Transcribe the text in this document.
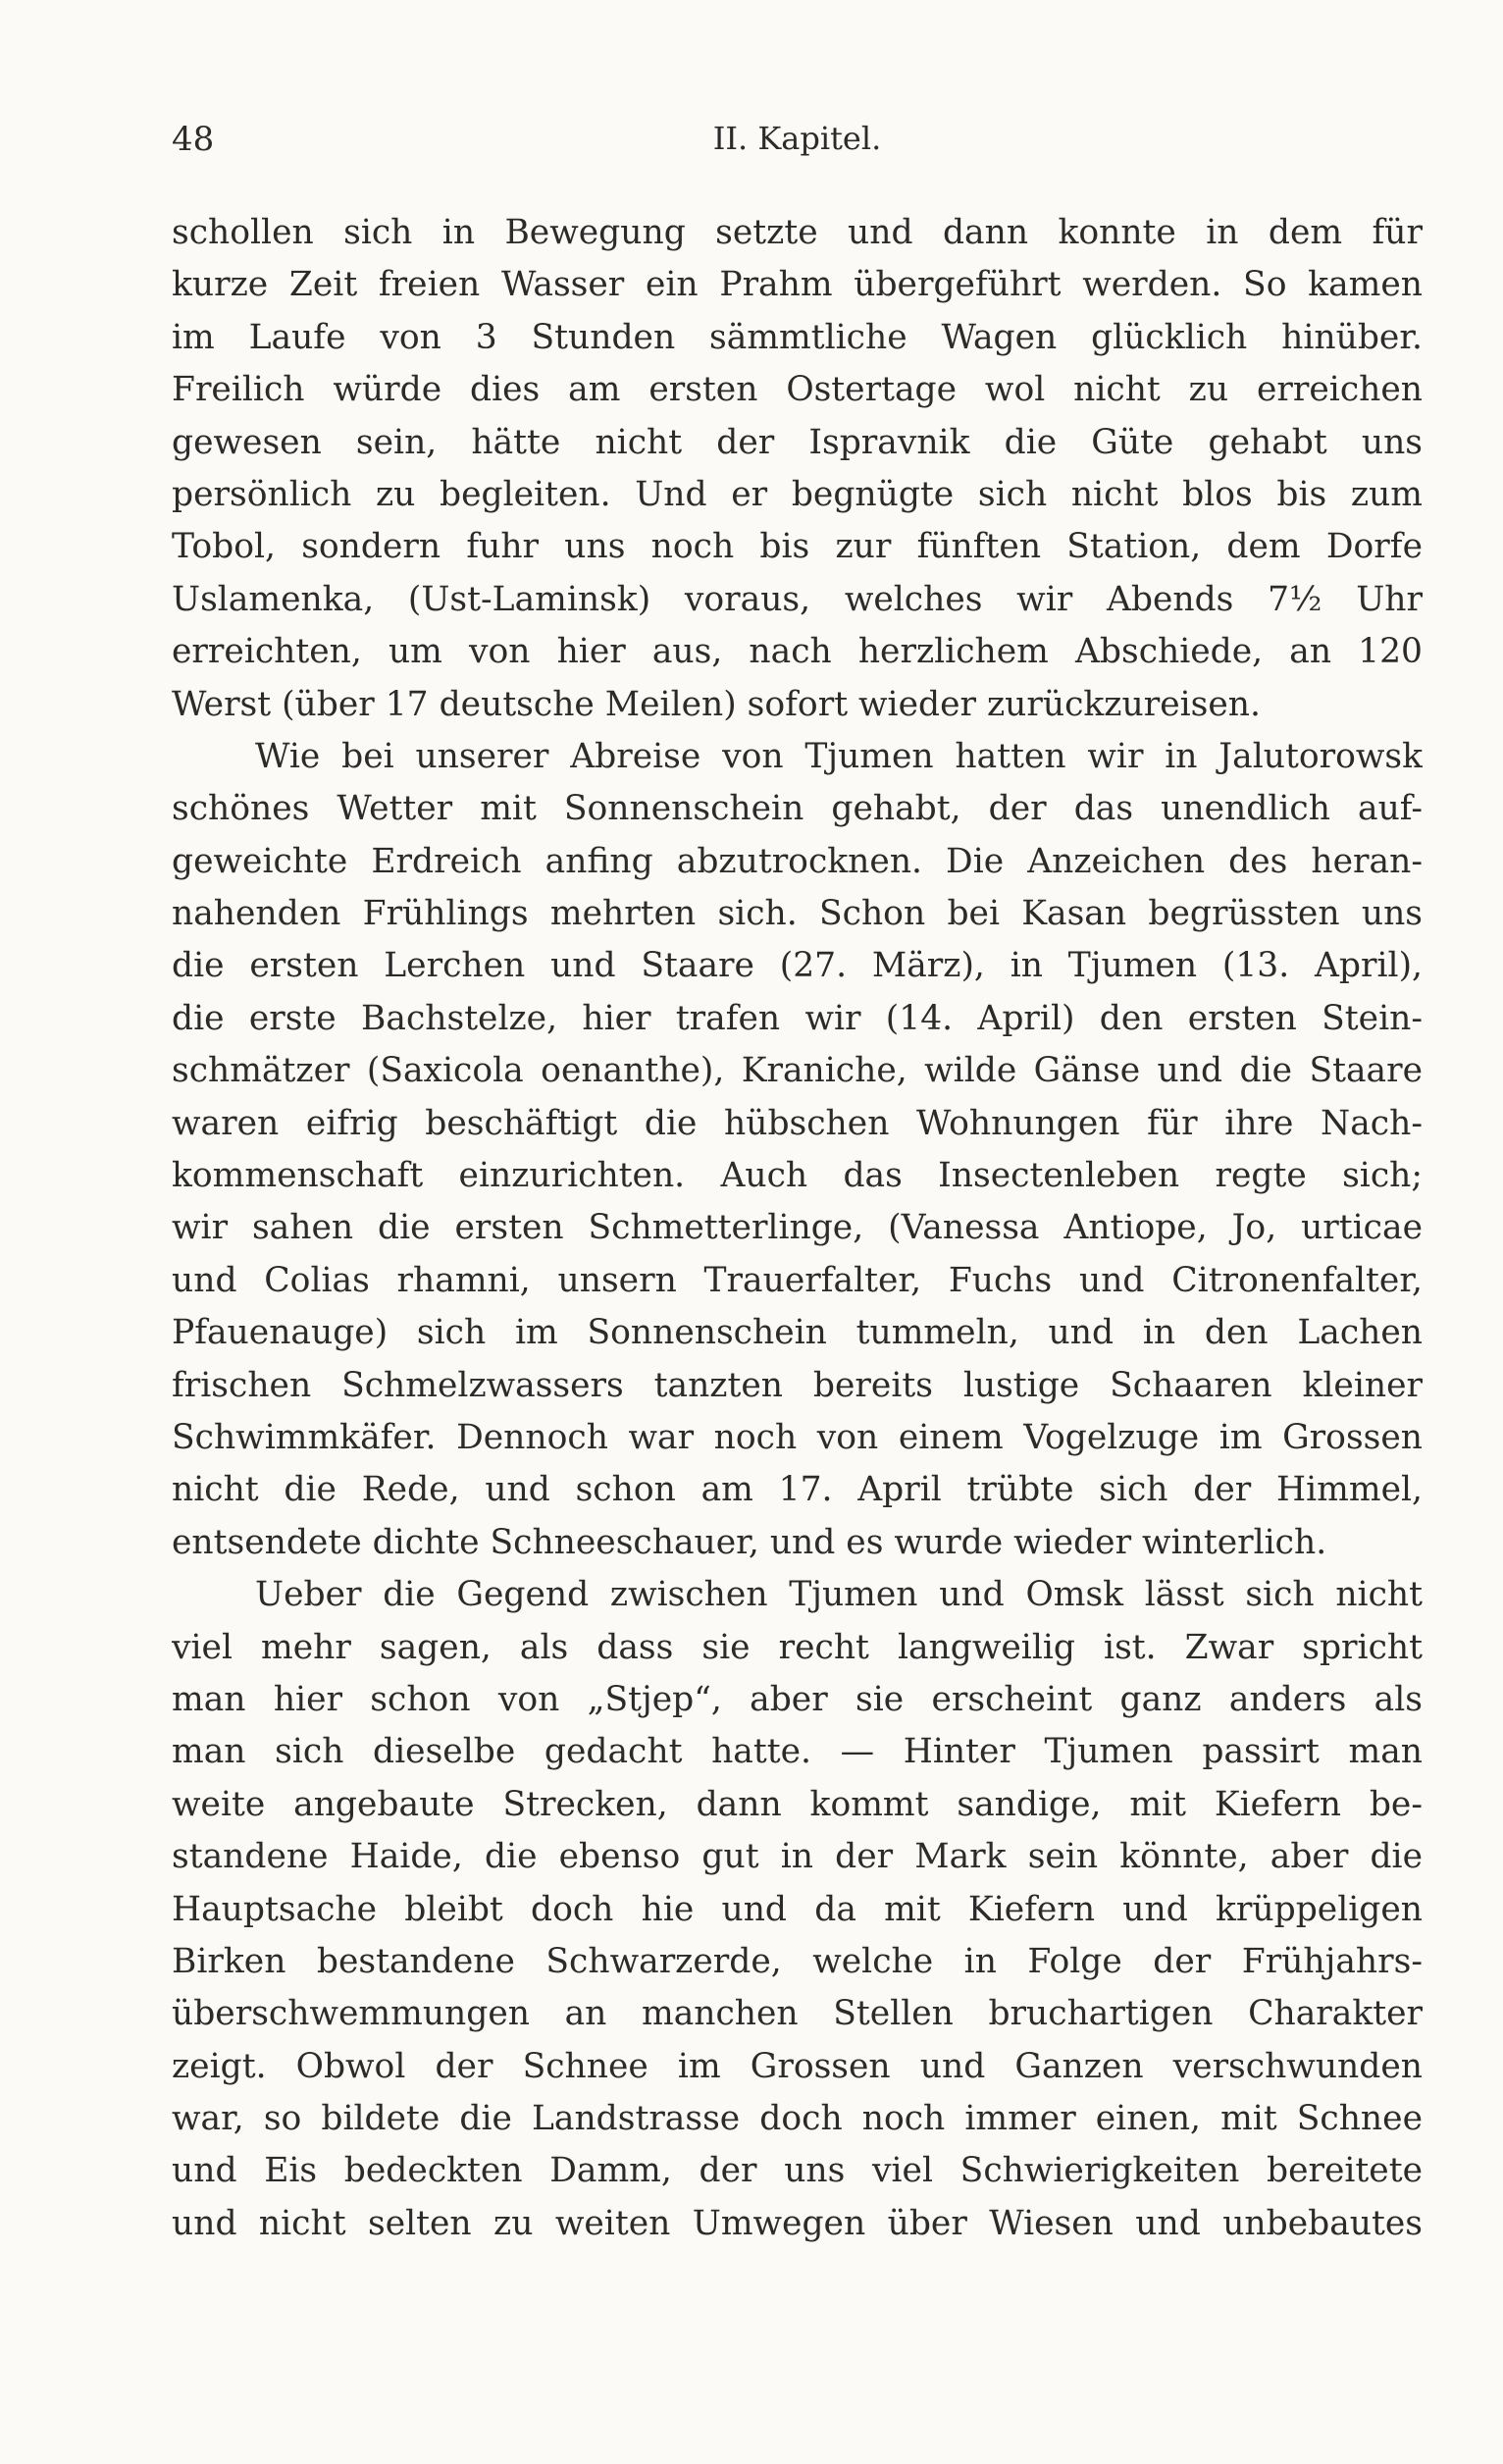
48	II. Kapitel.
schollen sich in Bewegung setzte und dann konnte in dem für
kurze Zeit freien Wasser ein Prahm übergeführt werden. So kamen
im Laufe von 3 Stunden sämmtliche Wagen glücklich hinüber.
Freilich würde dies am ersten Ostertage wol nicht zu erreichen
gewesen sein, hätte nicht der Ispravnik die Güte gehabt uns
persönlich zu begleiten. Und er begnügte sich nicht blos bis zum
Tobol, sondern fuhr uns noch bis zur fünften Station, dem Dorfe
Uslamenka, (Ust-Laminsk) voraus, welches wir Abends 7½ Uhr
erreichten, um von hier aus, nach herzlichem Abschiede, an 120
Werst (über 17 deutsche Meilen) sofort wieder zurückzureisen.
Wie bei unserer Abreise von Tjumen hatten wir in Jalutorowsk
schönes Wetter mit Sonnenschein gehabt, der das unendlich auf-
geweichte Erdreich anfing abzutrocknen. Die Anzeichen des heran-
nahenden Frühlings mehrten sich. Schon bei Kasan begrüssten uns
die ersten Lerchen und Staare (27. März), in Tjumen (13. April),
die erste Bachstelze, hier trafen wir (14. April) den ersten Stein-
schmätzer (Saxicola oenanthe), Kraniche, wilde Gänse und die Staare
waren eifrig beschäftigt die hübschen Wohnungen für ihre Nach-
kommenschaft einzurichten. Auch das Insectenleben regte sich;
wir sahen die ersten Schmetterlinge, (Vanessa Antiope, Jo, urticae
und Colias rhamni, unsern Trauerfalter, Fuchs und Citronenfalter,
Pfauenauge) sich im Sonnenschein tummeln, und in den Lachen
frischen Schmelzwassers tanzten bereits lustige Schaaren kleiner
Schwimmkäfer. Dennoch war noch von einem Vogelzuge im Grossen
nicht die Rede, und schon am 17. April trübte sich der Himmel,
entsendete dichte Schneeschauer, und es wurde wieder winterlich.
Ueber die Gegend zwischen Tjumen und Omsk lässt sich nicht
viel mehr sagen, als dass sie recht langweilig ist. Zwar spricht
man hier schon von „Stjep“, aber sie erscheint ganz anders als
man sich dieselbe gedacht hatte. — Hinter Tjumen passirt man
weite angebaute Strecken, dann kommt sandige, mit Kiefern be-
standene Haide, die ebenso gut in der Mark sein könnte, aber die
Hauptsache bleibt doch hie und da mit Kiefern und krüppeligen
Birken bestandene Schwarzerde, welche in Folge der Frühjahrs-
überschwemmungen an manchen Stellen bruchartigen Charakter
zeigt. Obwol der Schnee im Grossen und Ganzen verschwunden
war, so bildete die Landstrasse doch noch immer einen, mit Schnee
und Eis bedeckten Damm, der uns viel Schwierigkeiten bereitete
und nicht selten zu weiten Umwegen über Wiesen und unbebautes
